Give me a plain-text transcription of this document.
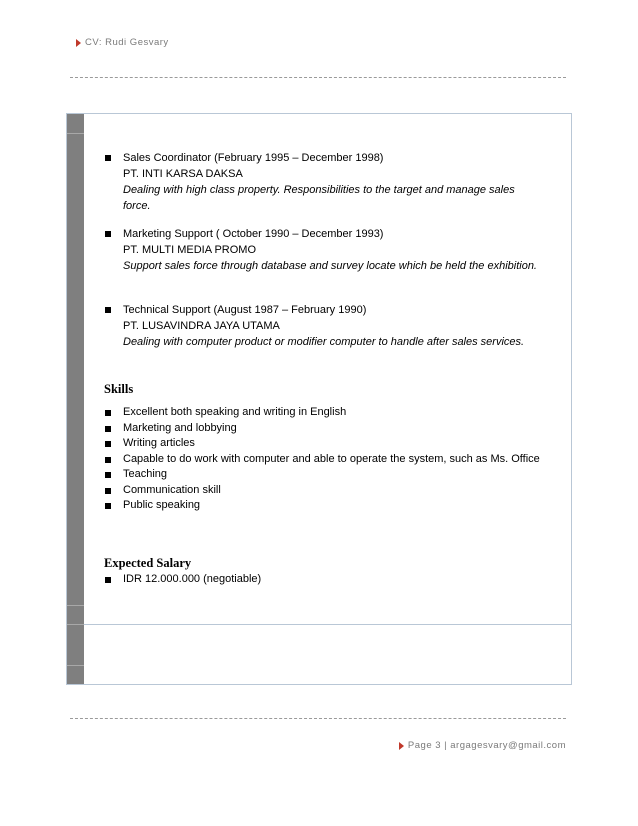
CV: Rudi Gesvary
Sales Coordinator (February 1995 – December 1998)
PT. INTI KARSA DAKSA
Dealing with high class property. Responsibilities to the target and manage sales force.
Marketing Support ( October 1990 – December 1993)
PT. MULTI MEDIA PROMO
Support sales force through database and survey locate which be held the exhibition.
Technical Support (August 1987 – February 1990)
PT. LUSAVINDRA JAYA UTAMA
Dealing with computer product or modifier computer to handle after sales services.
Skills
Excellent both speaking and writing in English
Marketing and lobbying
Writing articles
Capable to do work with computer and able to operate the system, such as Ms. Office
Teaching
Communication skill
Public speaking
Expected Salary
IDR 12.000.000 (negotiable)
Page 3 | argagesvary@gmail.com
